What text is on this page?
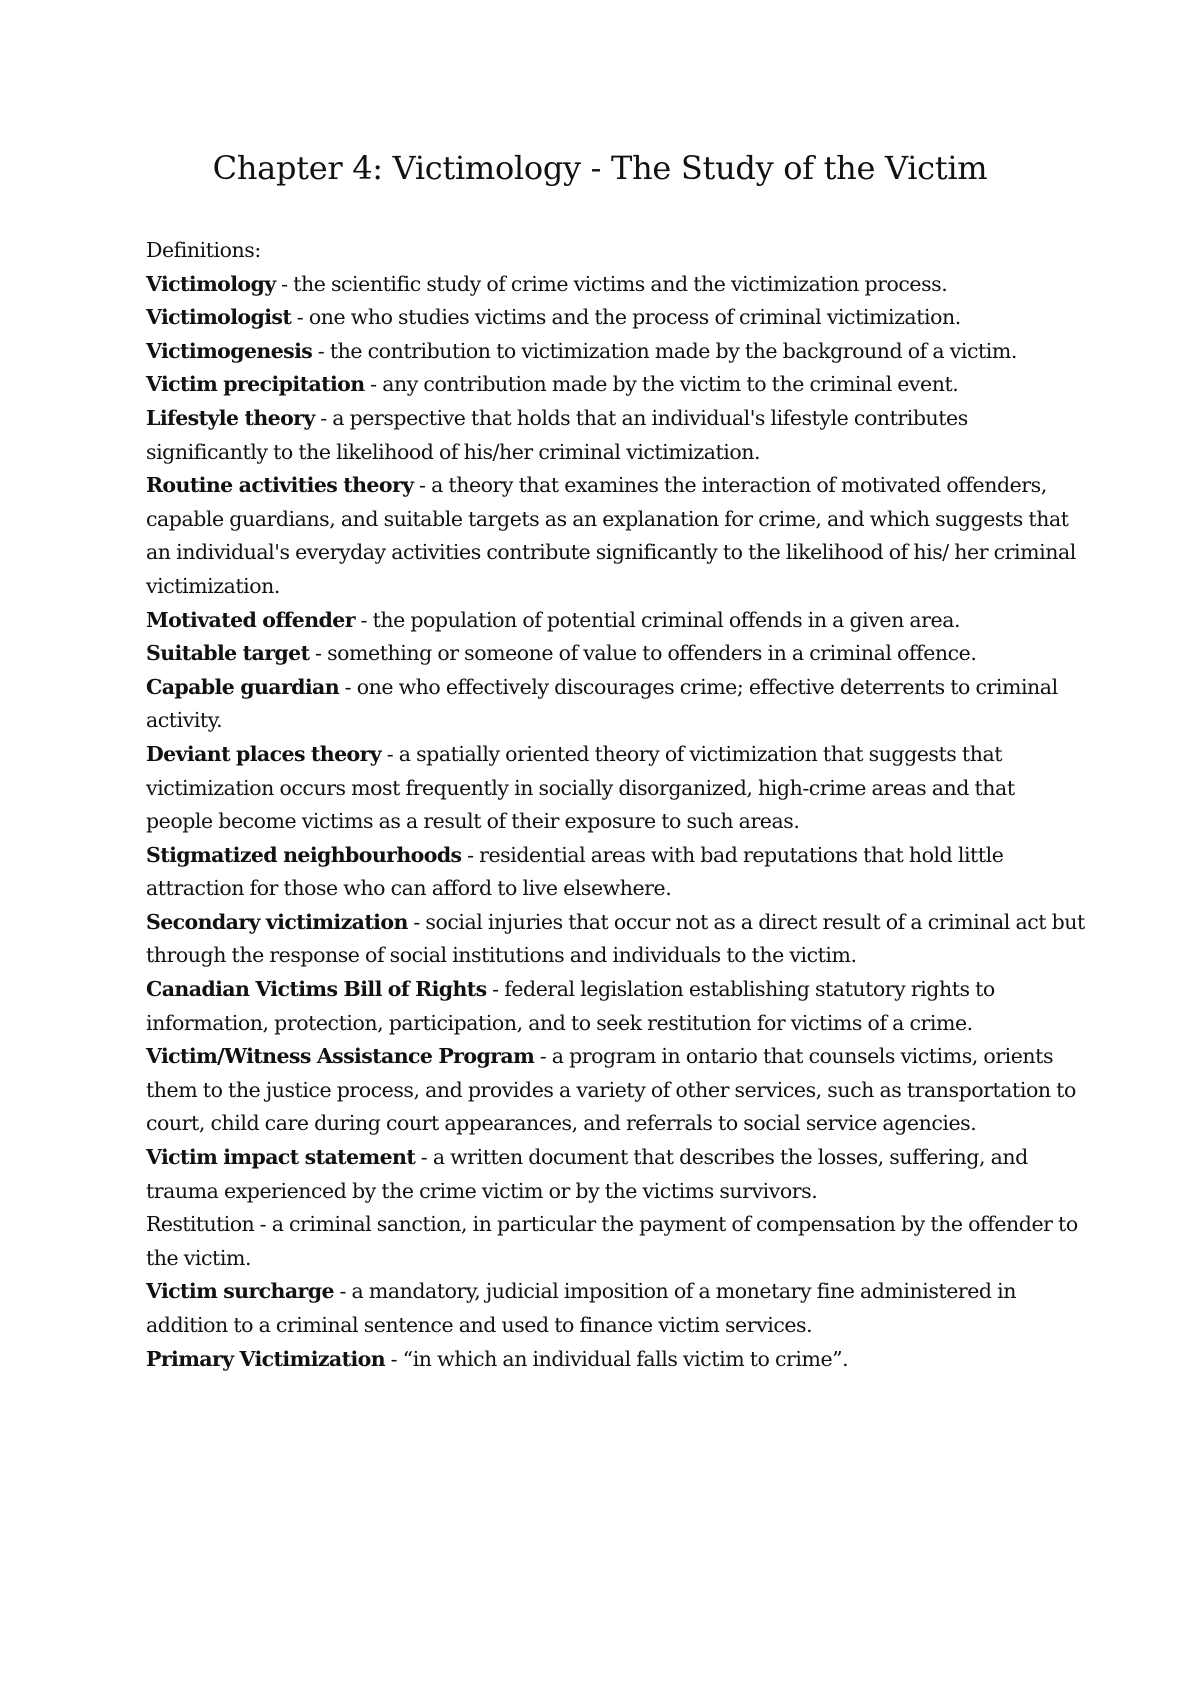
Chapter 4: Victimology - The Study of the Victim

Definitions:

Victimology - the scientific study of crime victims and the victimization process.

Victimologist - one who studies victims and the process of criminal victimization.

Victimogenesis - the contribution to victimization made by the background of a victim.

Victim precipitation - any contribution made by the victim to the criminal event.

Lifestyle theory - a perspective that holds that an individual's lifestyle contributes significantly to the likelihood of his/her criminal victimization.

Routine activities theory - a theory that examines the interaction of motivated offenders, capable guardians, and suitable targets as an explanation for crime, and which suggests that an individual's everyday activities contribute significantly to the likelihood of his/ her criminal victimization.

Motivated offender - the population of potential criminal offends in a given area.

Suitable target - something or someone of value to offenders in a criminal offence.

Capable guardian - one who effectively discourages crime; effective deterrents to criminal activity.

Deviant places theory - a spatially oriented theory of victimization that suggests that victimization occurs most frequently in socially disorganized, high-crime areas and that people become victims as a result of their exposure to such areas.

Stigmatized neighbourhoods - residential areas with bad reputations that hold little attraction for those who can afford to live elsewhere.

Secondary victimization - social injuries that occur not as a direct result of a criminal act but through the response of social institutions and individuals to the victim.

Canadian Victims Bill of Rights - federal legislation establishing statutory rights to information, protection, participation, and to seek restitution for victims of a crime.

Victim/Witness Assistance Program - a program in ontario that counsels victims, orients them to the justice process, and provides a variety of other services, such as transportation to court, child care during court appearances, and referrals to social service agencies.

Victim impact statement - a written document that describes the losses, suffering, and trauma experienced by the crime victim or by the victims survivors.

Restitution - a criminal sanction, in particular the payment of compensation by the offender to the victim.

Victim surcharge - a mandatory, judicial imposition of a monetary fine administered in addition to a criminal sentence and used to finance victim services.

Primary Victimization - “in which an individual falls victim to crime”.
